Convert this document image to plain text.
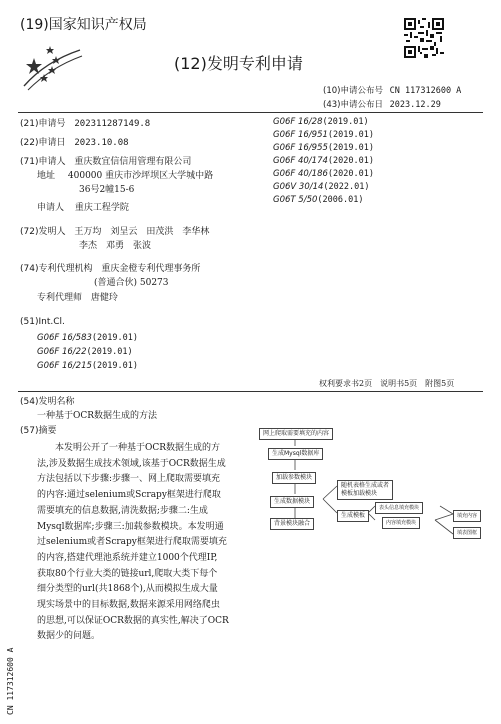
(19)国家知识产权局
(12)发明专利申请
(10)申请公布号 CN 117312600 A
(43)申请公布日 2023.12.29
(21)申请号 202311287149.8
(22)申请日 2023.10.08
(71)申请人 重庆数宜信信用管理有限公司
地址 400000 重庆市沙坪坝区大学城中路
36号2幢15-6
申请人 重庆工程学院
(72)发明人 王万均　刘呈云　田茂洪　李华林
李杰　邓勇　张波
(74)专利代理机构 重庆金橙专利代理事务所
(普通合伙) 50273
专利代理师 唐健玲
(51)Int.Cl.
G06F 16/583(2019.01)
G06F 16/22(2019.01)
G06F 16/215(2019.01)
G06F 16/28(2019.01)
G06F 16/951(2019.01)
G06F 16/955(2019.01)
G06F 40/174(2020.01)
G06F 40/186(2020.01)
G06V 30/14(2022.01)
G06T 5/50(2006.01)
权利要求书2页　说明书5页　附图5页
(54)发明名称
一种基于OCR数据生成的方法
(57)摘要
　　本发明公开了一种基于OCR数据生成的方
法,涉及数据生成技术领域,该基于OCR数据生成
方法包括以下步骤:步骤一、网上爬取需要填充
的内容:通过selenium或Scrapy框架进行爬取
需要填充的信息数据,清洗数据;步骤二:生成
Mysql数据库;步骤三:加载参数模块。本发明通
过selenium或者Scrapy框架进行爬取需要填充
的内容,搭建代理池系统并建立1000个代理IP,
获取80个行业大类的链接url,爬取大类下每个
细分类型的url(共1868个),从而模拟生成大量
现实场景中的目标数据,数据来源采用网络爬虫
的思想,可以保证OCR数据的真实性,解决了OCR
数据少的问题。
CN 117312600 A
网上爬取需要填充的内容
生成Mysql数据库
加载参数模块
生成数据模块
背景模块融合
随机表格生成或者
模板加载模块
生成模板
表头信息填充模块
内容填充模块
填充内容
填表图框
